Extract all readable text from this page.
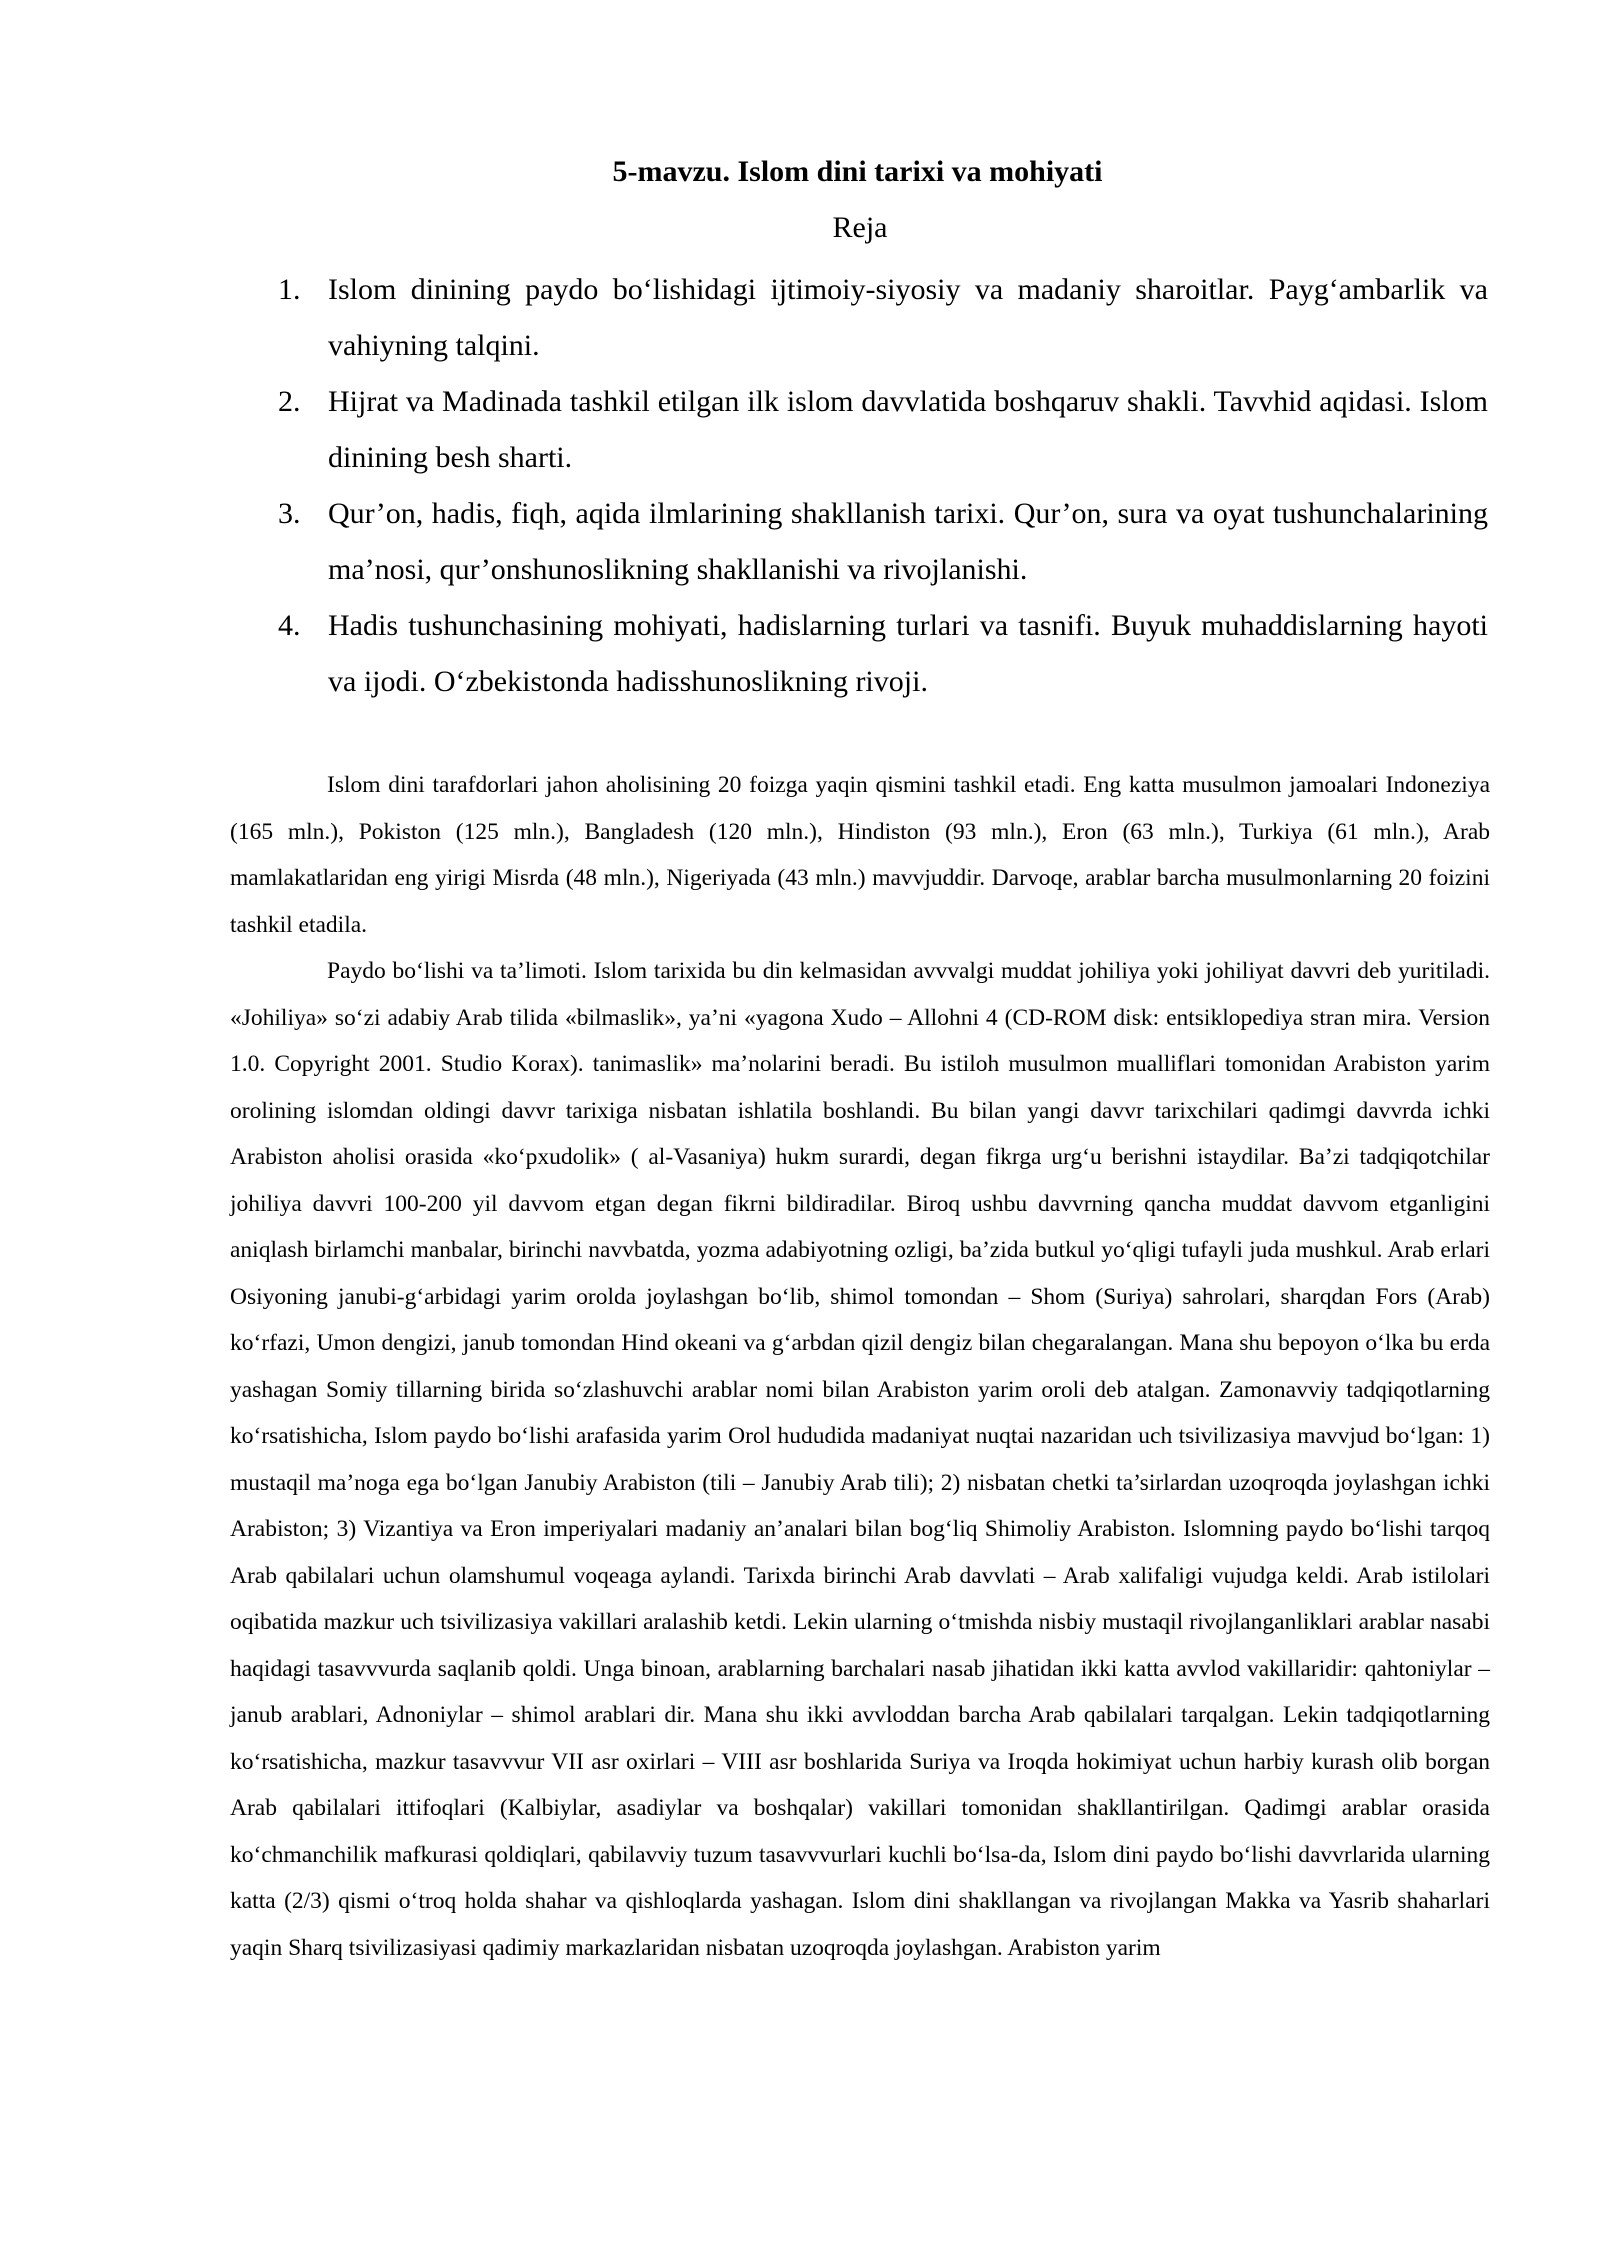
5-mavzu. Islom dini tarixi va mohiyati
Reja
1. Islom dinining paydo boʻlishidagi ijtimoiy-siyosiy va madaniy sharoitlar. Paygʻambarlik va vahiyning talqini.
2. Hijrat va Madinada tashkil etilgan ilk islom davvlatida boshqaruv shakli. Tavvhid aqidasi. Islom dinining besh sharti.
3. Qur’on, hadis, fiqh, aqida ilmlarining shakllanish tarixi. Qur’on, sura va oyat tushunchalarining ma’nosi, qur’onshunoslikning shakllanishi va rivojlanishi.
4. Hadis tushunchasining mohiyati, hadislarning turlari va tasnifi. Buyuk muhaddislarning hayoti va ijodi. Oʻzbekistonda hadisshunoslikning rivoji.

Islom dini tarafdorlari jahon aholisining 20 foizga yaqin qismini tashkil etadi. Eng katta musulmon jamoalari Indoneziya (165 mln.), Pokiston (125 mln.), Bangladesh (120 mln.), Hindiston (93 mln.), Eron (63 mln.), Turkiya (61 mln.), Arab mamlakatlaridan eng yirigi Misrda (48 mln.), Nigeriyada (43 mln.) mavvjuddir. Darvoqe, arablar barcha musulmonlarning 20 foizini tashkil etadila.

Paydo boʻlishi va ta’limoti. Islom tarixida bu din kelmasidan avvvalgi muddat johiliya yoki johiliyat davvri deb yuritiladi. «Johiliya» soʻzi adabiy Arab tilida «bilmaslik», ya’ni «yagona Xudo – Allohni 4 (CD-ROM disk: entsiklopediya stran mira. Version 1.0. Copyright 2001. Studio Korax). tanimaslik» ma’nolarini beradi. Bu istiloh musulmon mualliflari tomonidan Arabiston yarim orolining islomdan oldingi davvr tarixiga nisbatan ishlatila boshlandi. Bu bilan yangi davvr tarixchilari qadimgi davvrda ichki Arabiston aholisi orasida «koʻpxudolik» ( al-Vasaniya) hukm surardi, degan fikrga urgʻu berishni istaydilar. Ba’zi tadqiqotchilar johiliya davvri 100-200 yil davvom etgan degan fikrni bildiradilar. Biroq ushbu davvrning qancha muddat davvom etganligini aniqlash birlamchi manbalar, birinchi navvbatda, yozma adabiyotning ozligi, ba’zida butkul yoʻqligi tufayli juda mushkul. Arab erlari Osiyoning janubi-gʻarbidagi yarim orolda joylashgan boʻlib, shimol tomondan – Shom (Suriya) sahrolari, sharqdan Fors (Arab) koʻrfazi, Umon dengizi, janub tomondan Hind okeani va gʻarbdan qizil dengiz bilan chegaralangan. Mana shu bepoyon oʻlka bu erda yashagan Somiy tillarning birida soʻzlashuvchi arablar nomi bilan Arabiston yarim oroli deb atalgan. Zamonavviy tadqiqotlarning koʻrsatishicha, Islom paydo boʻlishi arafasida yarim Orol hududida madaniyat nuqtai nazaridan uch tsivilizasiya mavvjud boʻlgan: 1) mustaqil ma’noga ega boʻlgan Janubiy Arabiston (tili – Janubiy Arab tili); 2) nisbatan chetki ta’sirlardan uzoqroqda joylashgan ichki Arabiston; 3) Vizantiya va Eron imperiyalari madaniy an’analari bilan bogʻliq Shimoliy Arabiston. Islomning paydo boʻlishi tarqoq Arab qabilalari uchun olamshumul voqeaga aylandi. Tarixda birinchi Arab davvlati – Arab xalifaligi vujudga keldi. Arab istilolari oqibatida mazkur uch tsivilizasiya vakillari aralashib ketdi. Lekin ularning oʻtmishda nisbiy mustaqil rivojlanganliklari arablar nasabi haqidagi tasavvvurda saqlanib qoldi. Unga binoan, arablarning barchalari nasab jihatidan ikki katta avvlod vakillaridir: qahtoniylar – janub arablari, Adnoniylar – shimol arablari dir. Mana shu ikki avvloddan barcha Arab qabilalari tarqalgan. Lekin tadqiqotlarning koʻrsatishicha, mazkur tasavvvur VII asr oxirlari – VIII asr boshlarida Suriya va Iroqda hokimiyat uchun harbiy kurash olib borgan Arab qabilalari ittifoqlari (Kalbiylar, asadiylar va boshqalar) vakillari tomonidan shakllantirilgan. Qadimgi arablar orasida koʻchmanchilik mafkurasi qoldiqlari, qabilavviy tuzum tasavvvurlari kuchli boʻlsa-da, Islom dini paydo boʻlishi davvrlarida ularning katta (2/3) qismi oʻtroq holda shahar va qishloqlarda yashagan. Islom dini shakllangan va rivojlangan Makka va Yasrib shaharlari yaqin Sharq tsivilizasiyasi qadimiy markazlaridan nisbatan uzoqroqda joylashgan. Arabiston yarim
